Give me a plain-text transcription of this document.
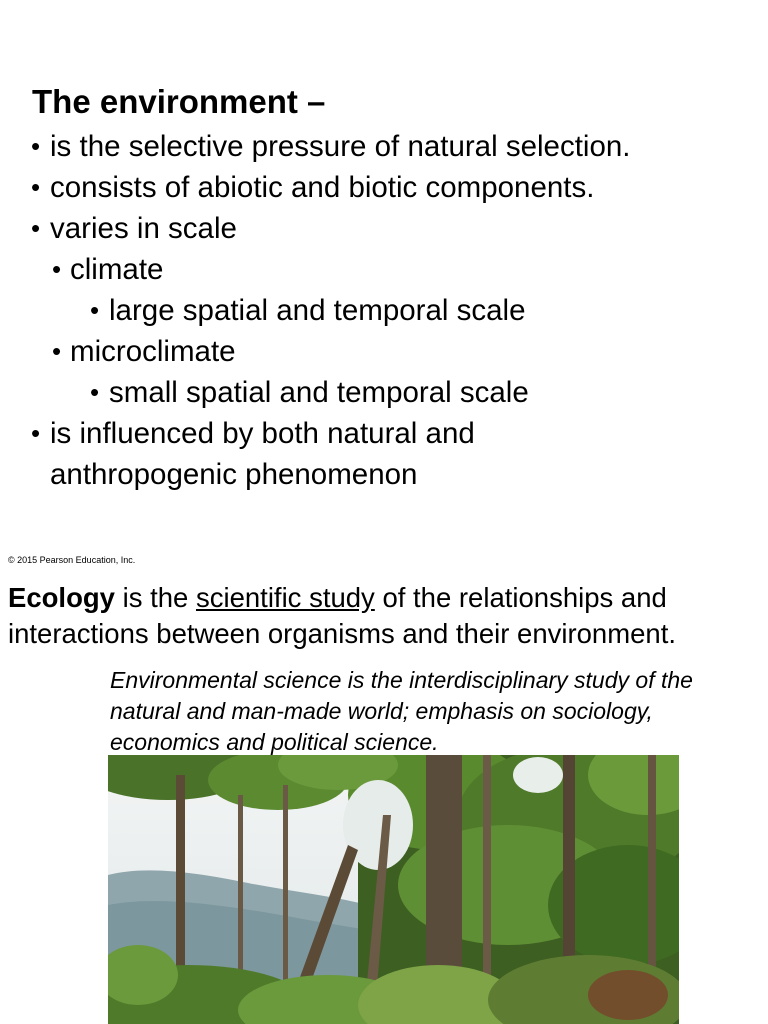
The environment –
• is the selective pressure of natural selection.
• consists of abiotic and biotic components.
• varies in scale
• climate
• large spatial and temporal scale
• microclimate
• small spatial and temporal scale
• is influenced by both natural and
anthropogenic phenomenon
© 2015 Pearson Education, Inc.
Ecology is the scientific study of the relationships and interactions between organisms and their environment.
Environmental science is the interdisciplinary study of the natural and man-made world; emphasis on sociology, economics and political science.
